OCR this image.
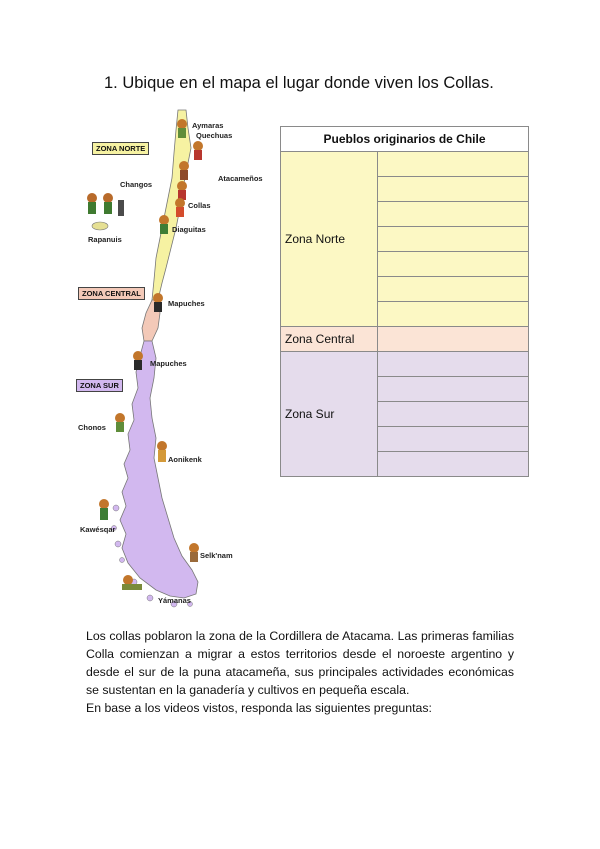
1. Ubique en el mapa el lugar donde viven los Collas.
Aymaras
Quechuas
Changos
Atacameños
Collas
Diaguitas
Rapanuis
Mapuches
Mapuches
Chonos
Aonikenk
Kawésqar
Selk'nam
Yámanas
ZONA NORTE
ZONA CENTRAL
ZONA SUR
Pueblos originarios de Chile	
Zona Norte	

Zona Central	
Zona Sur	

Los collas poblaron la zona de la Cordillera de Atacama. Las primeras familias Colla comienzan a migrar a estos territorios desde el noroeste argentino y desde el sur de la puna atacameña, sus principales actividades económicas se sustentan en la ganadería y cultivos en pequeña escala.

En base a los videos vistos, responda las siguientes preguntas:
